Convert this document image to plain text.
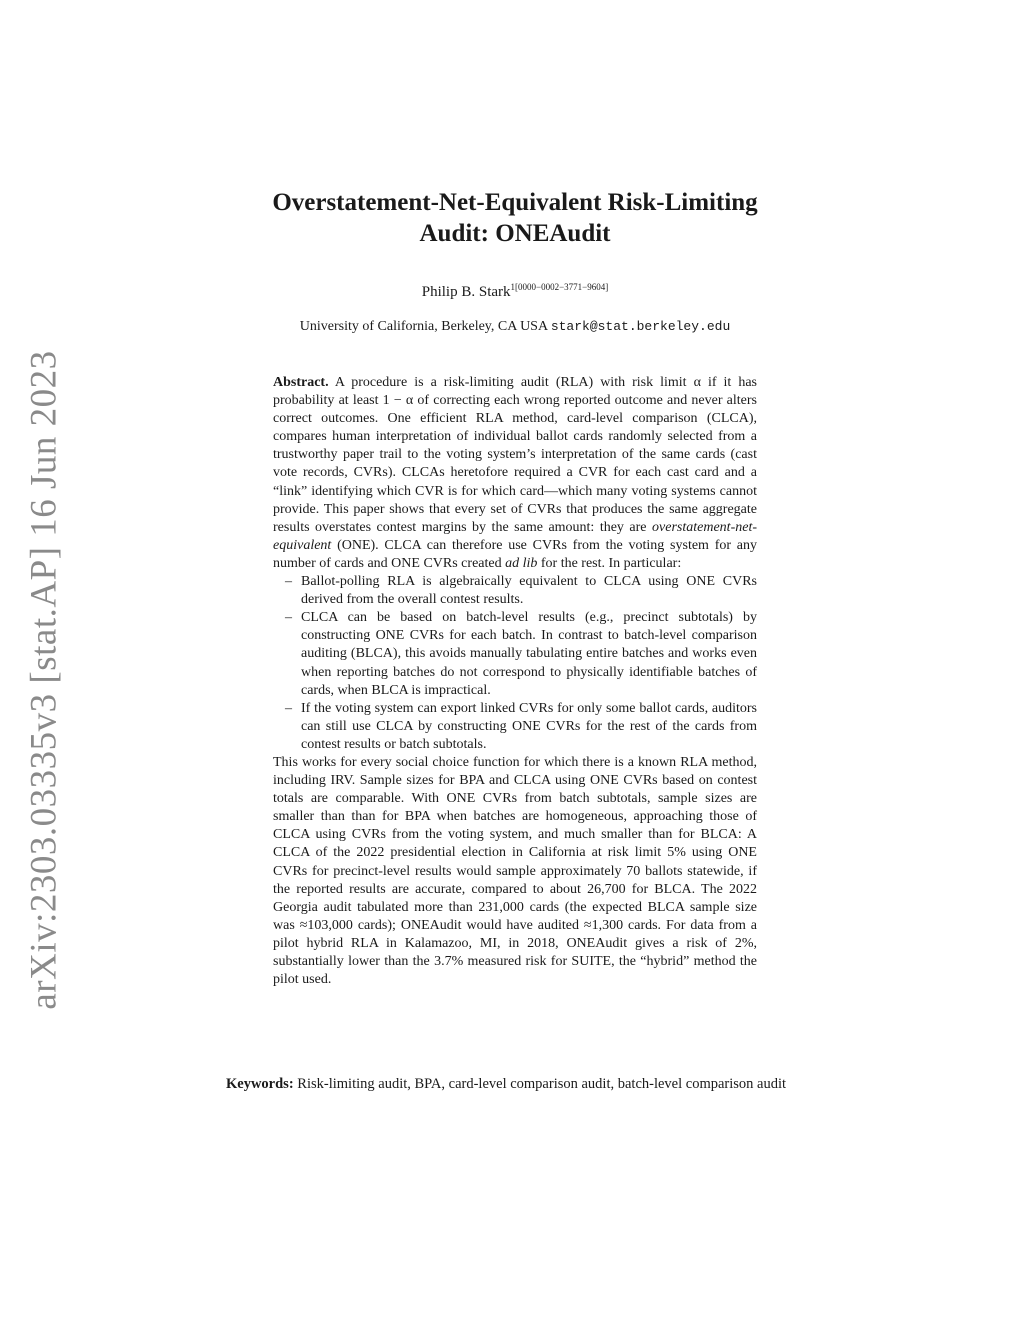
arXiv:2303.03335v3 [stat.AP] 16 Jun 2023
Overstatement-Net-Equivalent Risk-Limiting
Audit: ONEAudit

Philip B. Stark$^{1[0000-0002-3771-9604]}$

University of California, Berkeley, CA USA stark@stat.berkeley.edu

Abstract. A procedure is a risk-limiting audit (RLA) with risk limit α if it has probability at least 1 − α of correcting each wrong reported outcome and never alters correct outcomes. One efficient RLA method, card-level comparison (CLCA), compares human interpretation of individual ballot cards randomly selected from a trustworthy paper trail to the voting system’s interpretation of the same cards (cast vote records, CVRs). CLCAs heretofore required a CVR for each cast card and a “link” identifying which CVR is for which card—which many voting systems cannot provide. This paper shows that every set of CVRs that produces the same aggregate results overstates contest margins by the same amount: they are overstatement-net-equivalent (ONE). CLCA can therefore use CVRs from the voting system for any number of cards and ONE CVRs created ad lib for the rest. In particular:

– Ballot-polling RLA is algebraically equivalent to CLCA using ONE CVRs derived from the overall contest results.
– CLCA can be based on batch-level results (e.g., precinct subtotals) by constructing ONE CVRs for each batch. In contrast to batch-level comparison auditing (BLCA), this avoids manually tabulating entire batches and works even when reporting batches do not correspond to physically identifiable batches of cards, when BLCA is impractical.
– If the voting system can export linked CVRs for only some ballot cards, auditors can still use CLCA by constructing ONE CVRs for the rest of the cards from contest results or batch subtotals.

This works for every social choice function for which there is a known RLA method, including IRV. Sample sizes for BPA and CLCA using ONE CVRs based on contest totals are comparable. With ONE CVRs from batch subtotals, sample sizes are smaller than than for BPA when batches are homogeneous, approaching those of CLCA using CVRs from the voting system, and much smaller than for BLCA: A CLCA of the 2022 presidential election in California at risk limit 5% using ONE CVRs for precinct-level results would sample approximately 70 ballots statewide, if the reported results are accurate, compared to about 26,700 for BLCA. The 2022 Georgia audit tabulated more than 231,000 cards (the expected BLCA sample size was ≈103,000 cards); ONEAudit would have audited ≈1,300 cards. For data from a pilot hybrid RLA in Kalamazoo, MI, in 2018, ONEAudit gives a risk of 2%, substantially lower than the 3.7% measured risk for SUITE, the “hybrid” method the pilot used.

Keywords: Risk-limiting audit, BPA, card-level comparison audit, batch-level comparison audit
